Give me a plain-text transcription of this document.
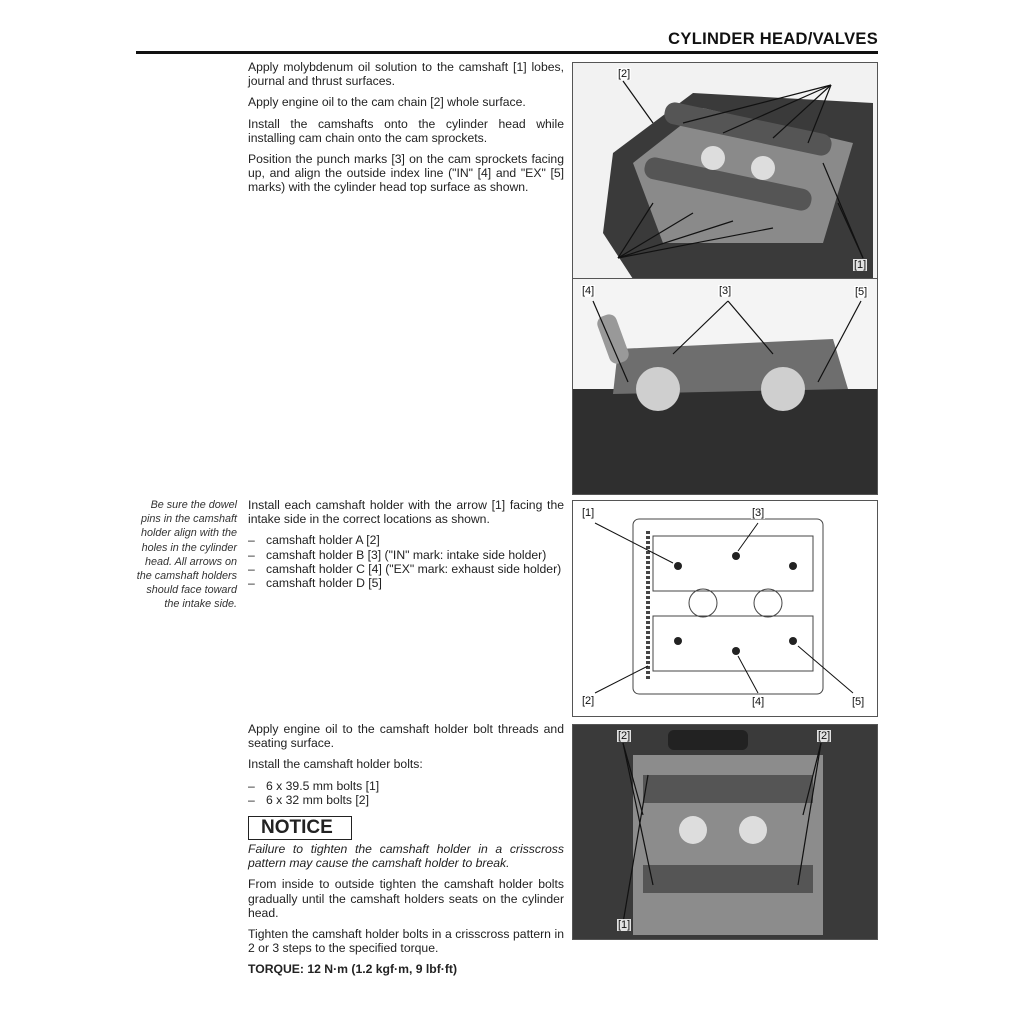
CYLINDER HEAD/VALVES

Apply molybdenum oil solution to the camshaft [1] lobes, journal and thrust surfaces.

Apply engine oil to the cam chain [2] whole surface.

Install the camshafts onto the cylinder head while installing cam chain onto the cam sprockets.

Position the punch marks [3] on the cam sprockets facing up, and align the outside index line ("IN" [4] and "EX" [5] marks) with the cylinder head top surface as shown.

Be sure the dowel pins in the camshaft holder align with the holes in the cylinder head. All arrows on the camshaft holders should face toward the intake side.

Install each camshaft holder with the arrow [1] facing the intake side in the correct locations as shown.

– camshaft holder A [2]
– camshaft holder B [3] ("IN" mark: intake side holder)
– camshaft holder C [4] ("EX" mark: exhaust side holder)
– camshaft holder D [5]

Apply engine oil to the camshaft holder bolt threads and seating surface.

Install the camshaft holder bolts:

– 6 x 39.5 mm bolts [1]
– 6 x 32 mm bolts [2]
NOTICE

Failure to tighten the camshaft holder in a crisscross pattern may cause the camshaft holder to break.

From inside to outside tighten the camshaft holder bolts gradually until the camshaft holders seats on the cylinder head.

Tighten the camshaft holder bolts in a crisscross pattern in 2 or 3 steps to the specified torque.

TORQUE: 12 N·m (1.2 kgf·m, 9 lbf·ft)

[2]
[1]
[4]	[3]	[5]
[1]	[3]
[2]	[4]	[5]
[2]	[2]
[1]
